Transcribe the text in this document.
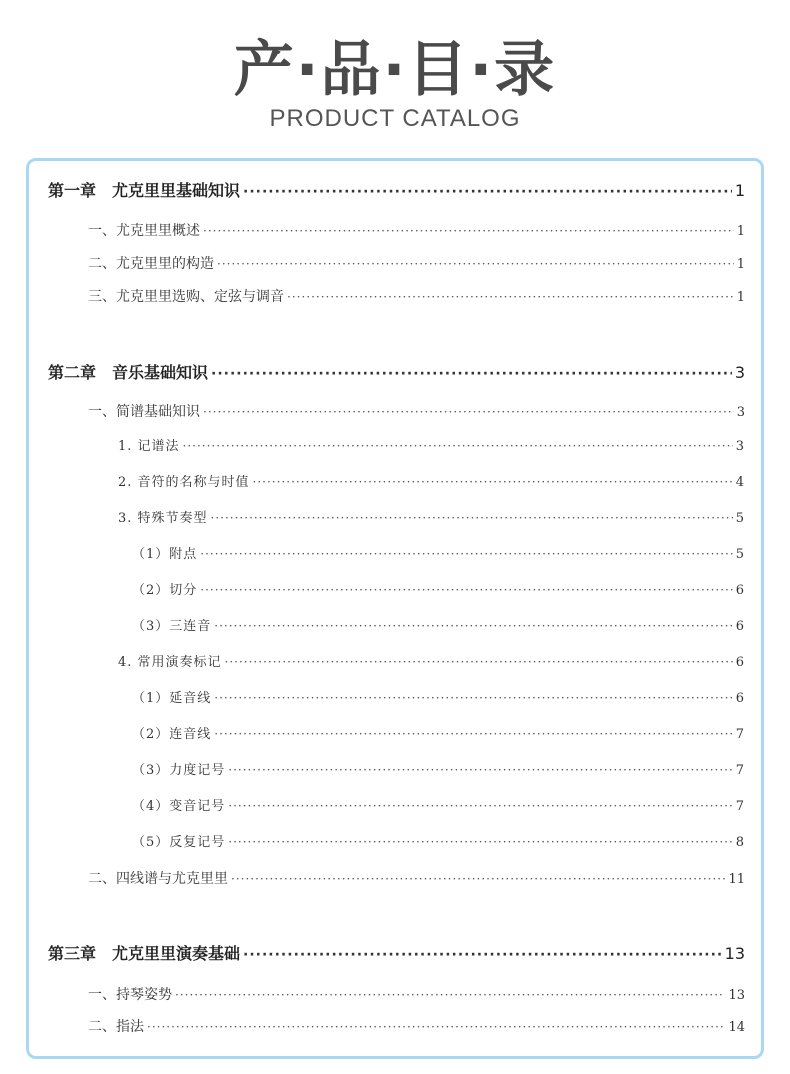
产·品·目·录
PRODUCT CATALOG
第一章　尤克里里基础知识 ·····	1
一、尤克里里概述 ·····	1
二、尤克里里的构造 ·····	1
三、尤克里里选购、定弦与调音 ·····	1
第二章　音乐基础知识 ·····	3
一、简谱基础知识 ·····	3
1. 记谱法 ·····	3
2. 音符的名称与时值 ·····	4
3. 特殊节奏型 ·····	5
（1）附点 ·····	5
（2）切分 ·····	6
（3）三连音 ·····	6
4. 常用演奏标记 ·····	6
（1）延音线 ·····	6
（2）连音线 ·····	7
（3）力度记号 ·····	7
（4）变音记号 ·····	7
（5）反复记号 ·····	8
二、四线谱与尤克里里 ·····	11
第三章　尤克里里演奏基础 ·····	13
一、持琴姿势 ·····	13
二、指法 ·····	14
